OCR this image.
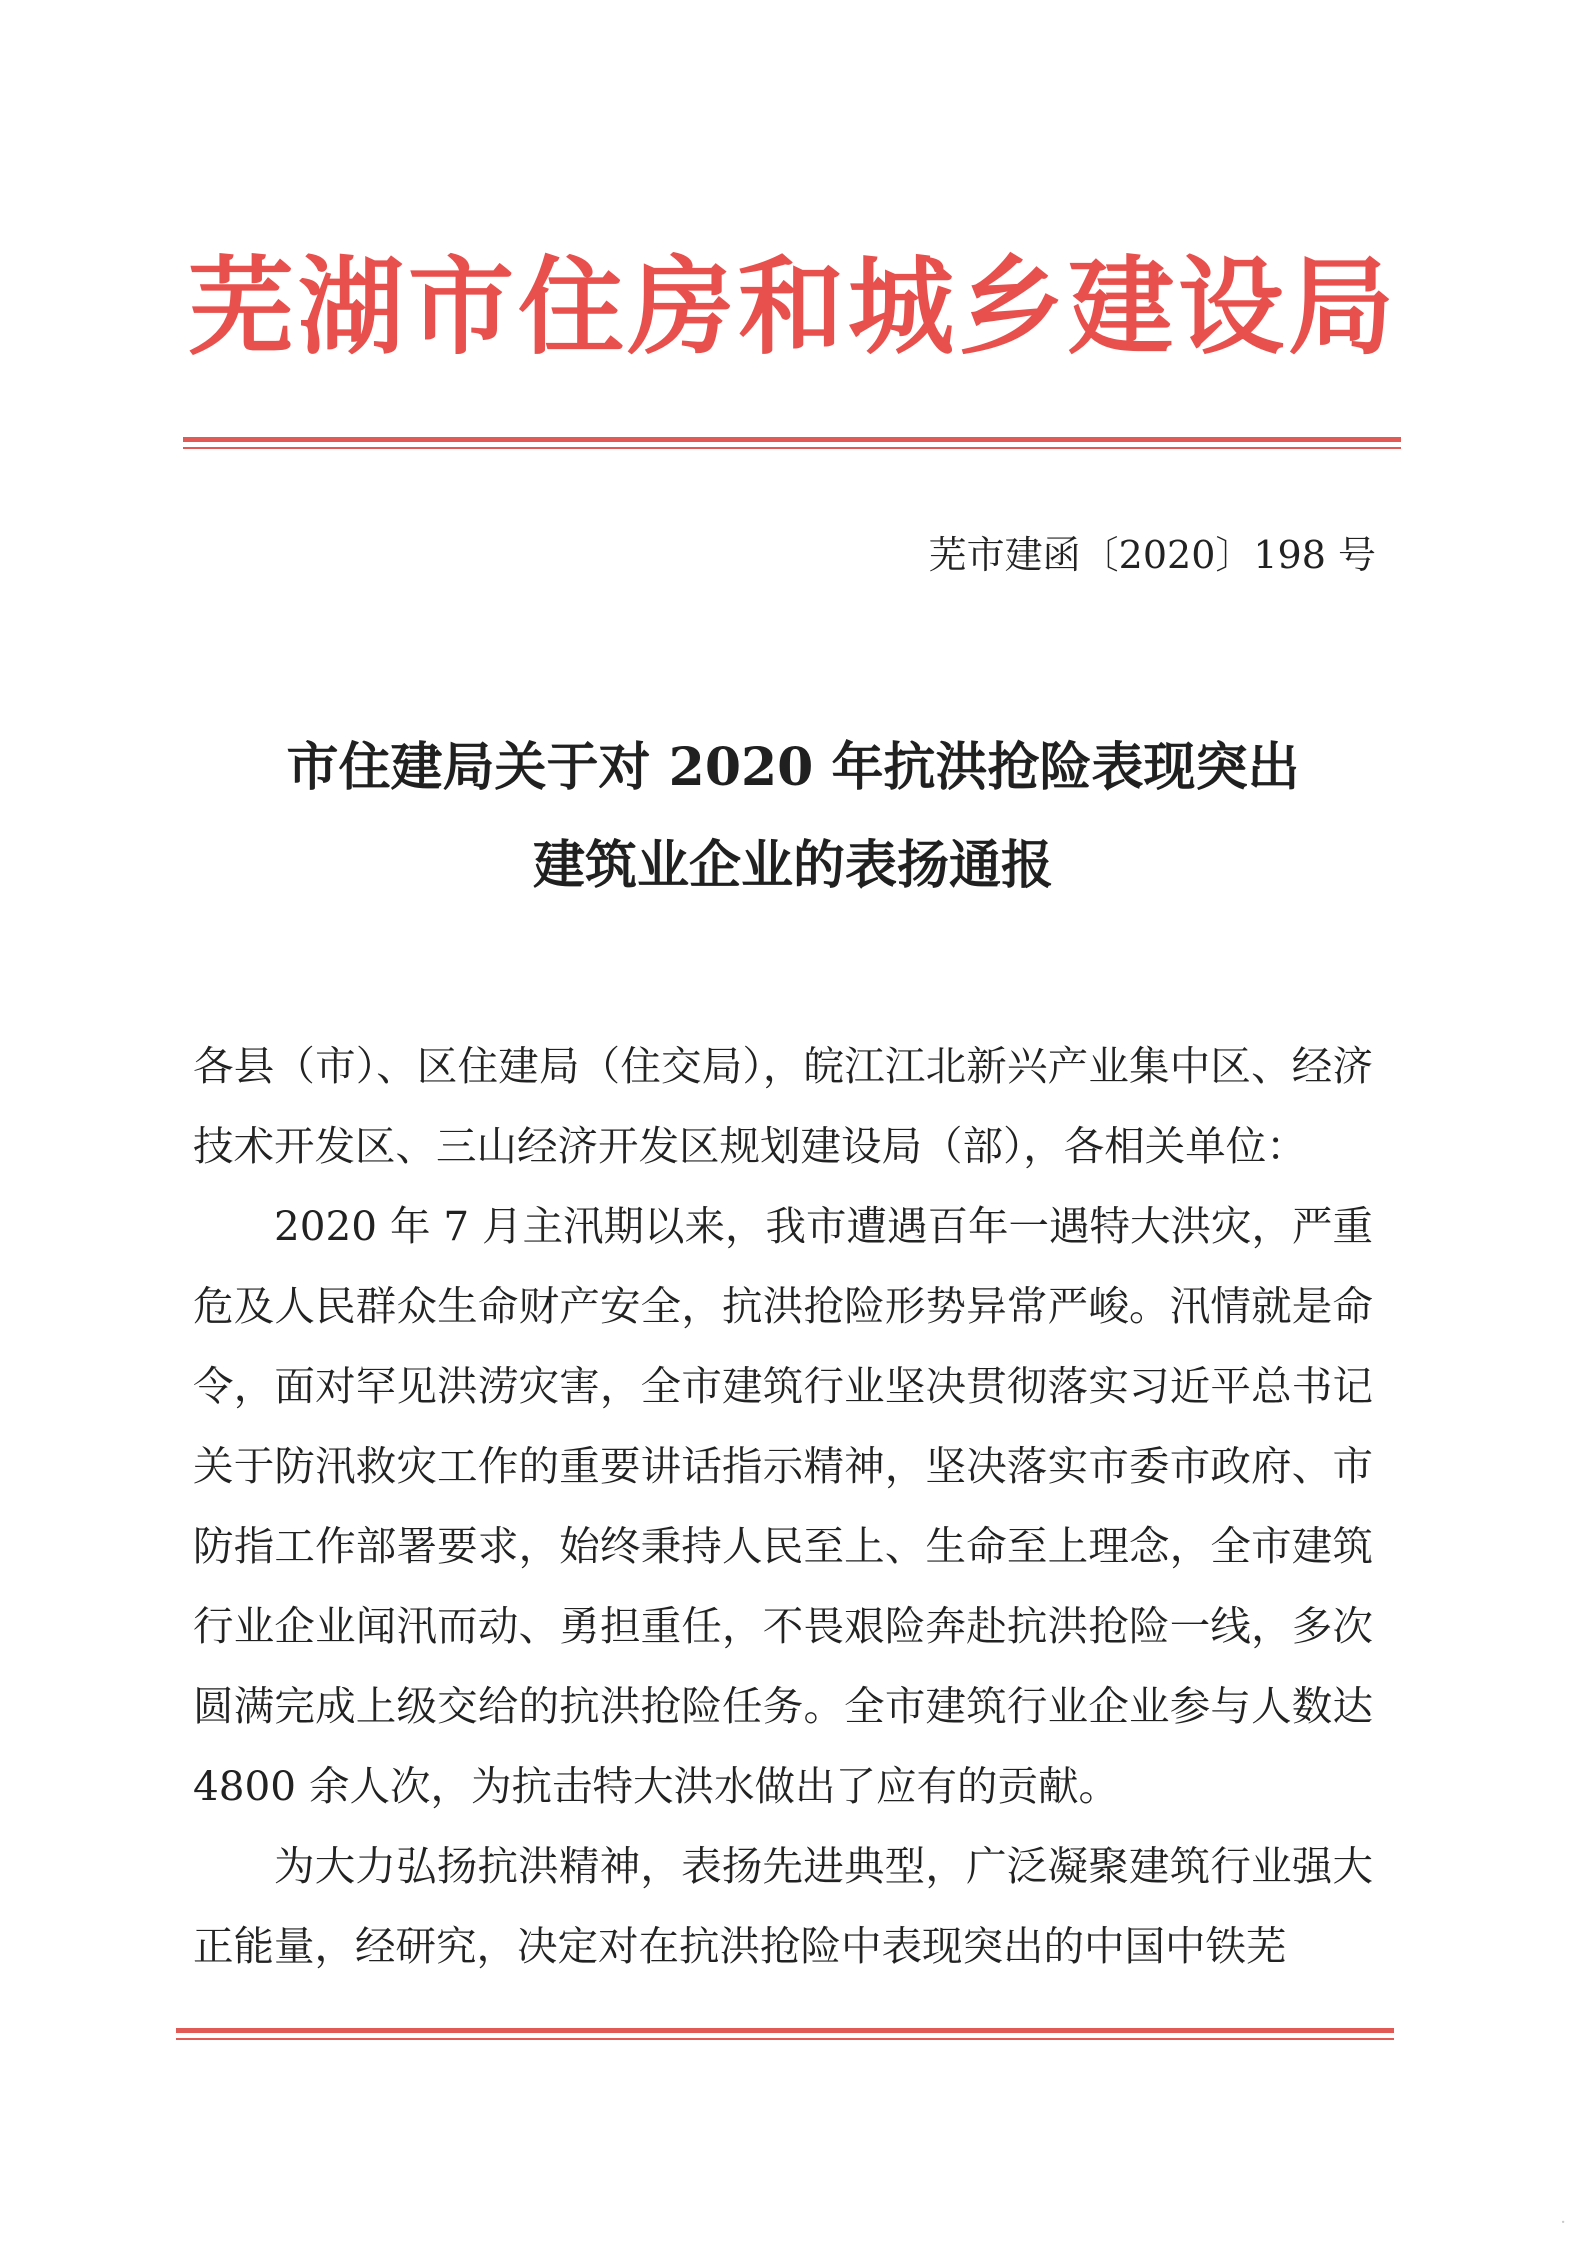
芜湖市住房和城乡建设局
芜市建函〔2020〕198 号
市住建局关于对 2020 年抗洪抢险表现突出
建筑业企业的表扬通报

各县（市）、区住建局（住交局），皖江江北新兴产业集中区、经济技术开发区、三山经济开发区规划建设局（部），各相关单位：

2020 年 7 月主汛期以来，我市遭遇百年一遇特大洪灾，严重危及人民群众生命财产安全，抗洪抢险形势异常严峻。汛情就是命令，面对罕见洪涝灾害，全市建筑行业坚决贯彻落实习近平总书记关于防汛救灾工作的重要讲话指示精神，坚决落实市委市政府、市防指工作部署要求，始终秉持人民至上、生命至上理念，全市建筑行业企业闻汛而动、勇担重任，不畏艰险奔赴抗洪抢险一线，多次圆满完成上级交给的抗洪抢险任务。全市建筑行业企业参与人数达 4800 余人次，为抗击特大洪水做出了应有的贡献。

为大力弘扬抗洪精神，表扬先进典型，广泛凝聚建筑行业强大正能量，经研究，决定对在抗洪抢险中表现突出的中国中铁芜

·
